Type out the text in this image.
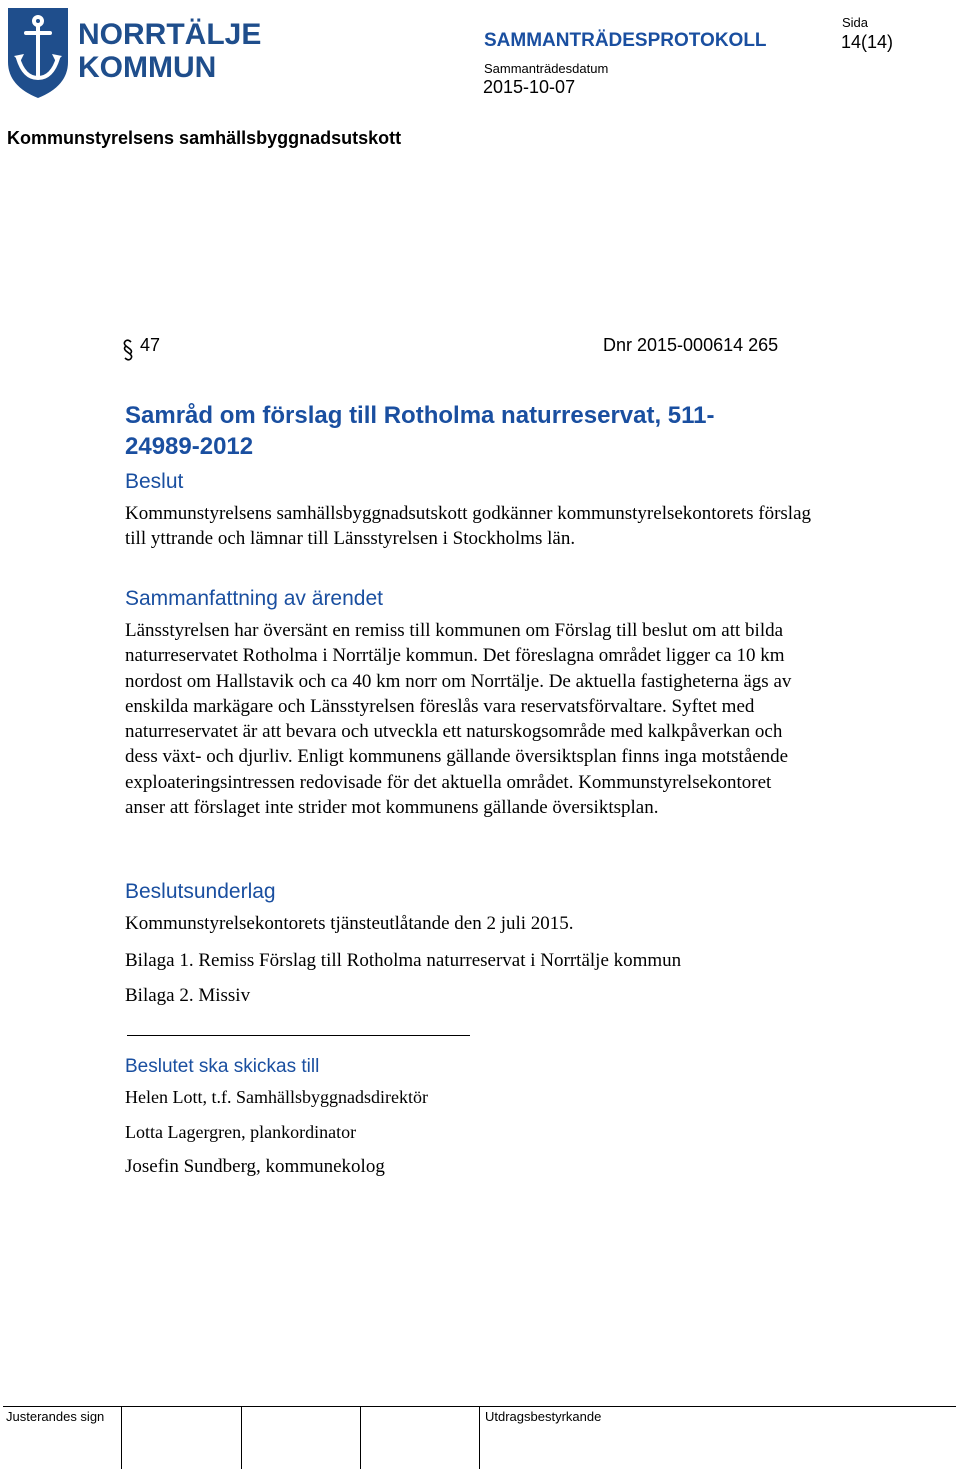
NORRTÄLJE
KOMMUN
SAMMANTRÄDESPROTOKOLL
Sida
14(14)
Sammanträdesdatum
2015-10-07
Kommunstyrelsens samhällsbyggnadsutskott
47	Dnr 2015-000614 265
Samråd om förslag till Rotholma naturreservat, 511-
24989-2012
Beslut
Kommunstyrelsens samhällsbyggnadsutskott godkänner kommunstyrelsekontorets förslag till yttrande och lämnar till Länsstyrelsen i Stockholms län.
Sammanfattning av ärendet
Länsstyrelsen har översänt en remiss till kommunen om Förslag till beslut om att bilda naturreservatet Rotholma i Norrtälje kommun. Det föreslagna området ligger ca 10 km nordost om Hallstavik och ca 40 km norr om Norrtälje. De aktuella fastigheterna ägs av enskilda markägare och Länsstyrelsen föreslås vara reservatsförvaltare. Syftet med naturreservatet är att bevara och utveckla ett naturskogsområde med kalkpåverkan och dess växt- och djurliv. Enligt kommunens gällande översiktsplan finns inga motstående exploateringsintressen redovisade för det aktuella området. Kommunstyrelsekontoret anser att förslaget inte strider mot kommunens gällande översiktsplan.
Beslutsunderlag
Kommunstyrelsekontorets tjänsteutlåtande den 2 juli 2015.
Bilaga 1. Remiss Förslag till Rotholma naturreservat i Norrtälje kommun
Bilaga 2. Missiv
Beslutet ska skickas till
Helen Lott, t.f. Samhällsbyggnadsdirektör
Lotta Lagergren, plankordinator
Josefin Sundberg, kommunekolog
Justerandes sign	Utdragsbestyrkande
